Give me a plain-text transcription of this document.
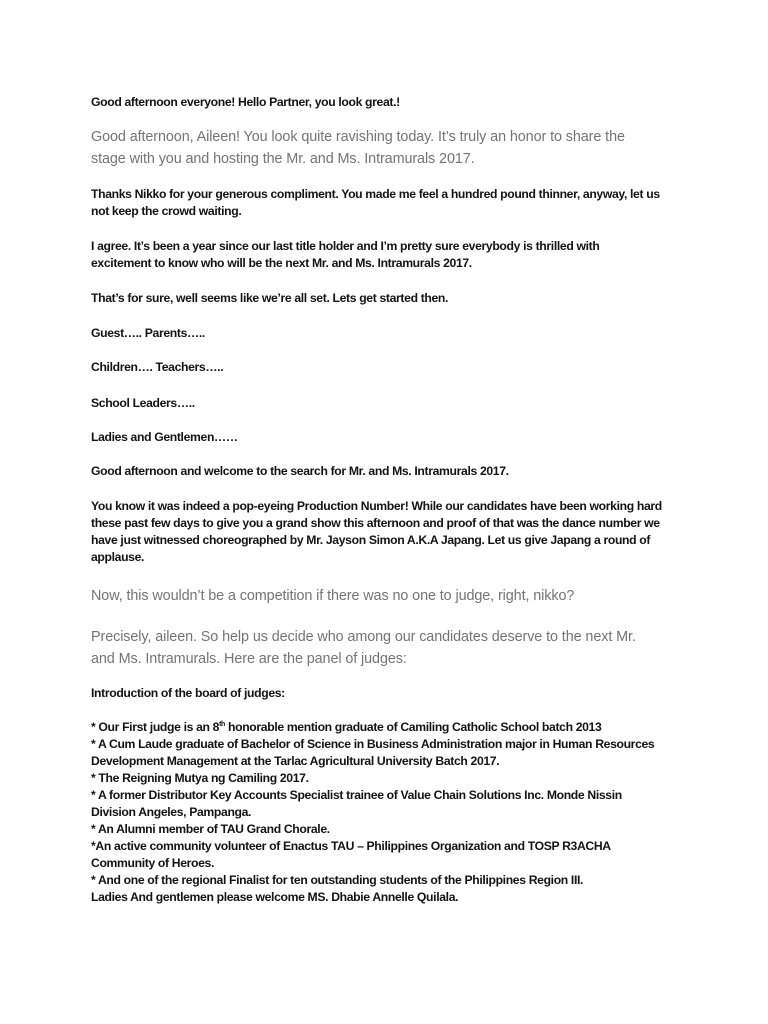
Good afternoon everyone! Hello Partner, you look great.!

Good afternoon, Aileen! You look quite ravishing today. It’s truly an honor to share the
stage with you and hosting the Mr. and Ms. Intramurals 2017.

Thanks Nikko for your generous compliment. You made me feel a hundred pound thinner, anyway, let us
not keep the crowd waiting.

I agree. It’s been a year since our last title holder and I’m pretty sure everybody is thrilled with
excitement to know who will be the next Mr. and Ms. Intramurals 2017.

That’s for sure, well seems like we’re all set. Lets get started then.

Guest….. Parents…..

Children…. Teachers…..

School Leaders…..

Ladies and Gentlemen……

Good afternoon and welcome to the search for Mr. and Ms. Intramurals 2017.

You know it was indeed a pop-eyeing Production Number! While our candidates have been working hard
these past few days to give you a grand show this afternoon and proof of that was the dance number we
have just witnessed choreographed by Mr. Jayson Simon A.K.A Japang. Let us give Japang a round of
applause.

Now, this wouldn’t be a competition if there was no one to judge, right, nikko?

Precisely, aileen. So help us decide who among our candidates deserve to the next Mr.
and Ms. Intramurals. Here are the panel of judges:

Introduction of the board of judges:

* Our First judge is an 8th honorable mention graduate of Camiling Catholic School batch 2013
* A Cum Laude graduate of Bachelor of Science in Business Administration major in Human Resources
Development Management at the Tarlac Agricultural University Batch 2017.
* The Reigning Mutya ng Camiling 2017.
* A former Distributor Key Accounts Specialist trainee of Value Chain Solutions Inc. Monde Nissin
Division Angeles, Pampanga.
* An Alumni member of TAU Grand Chorale.
*An active community volunteer of Enactus TAU – Philippines Organization and TOSP R3ACHA
Community of Heroes.
* And one of the regional Finalist for ten outstanding students of the Philippines Region III.
Ladies And gentlemen please welcome MS. Dhabie Annelle Quilala.
